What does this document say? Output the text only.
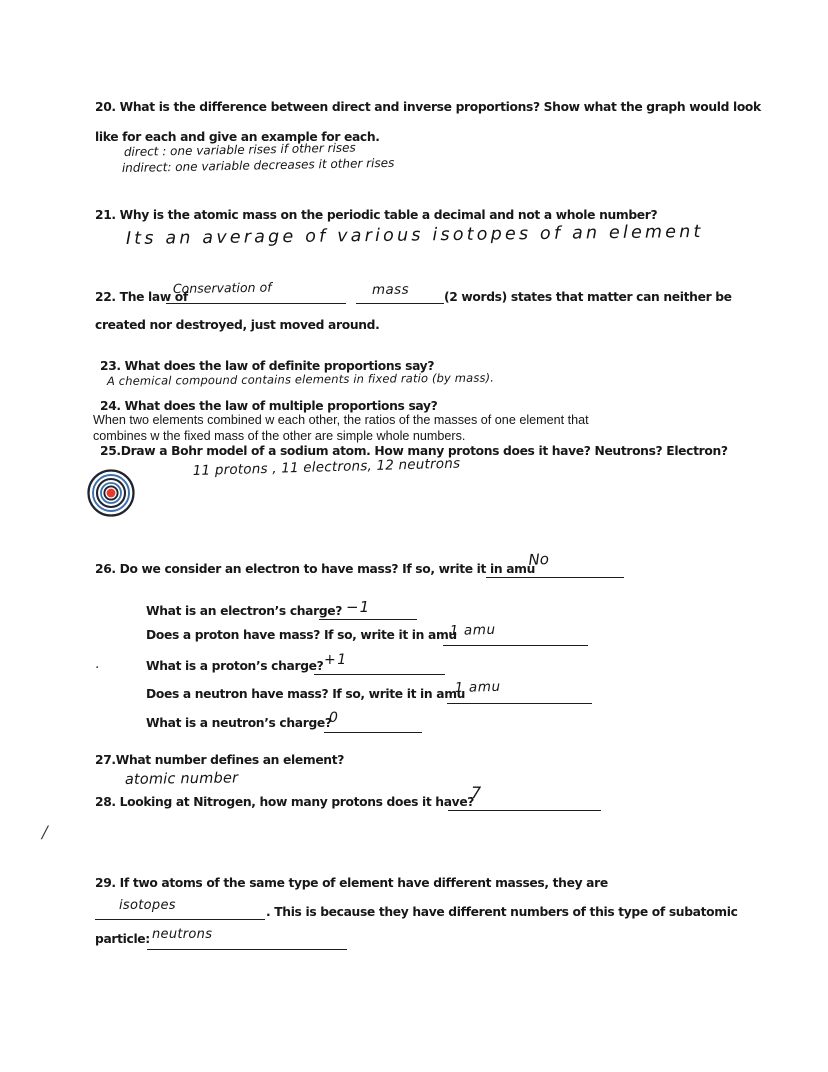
20. What is the difference between direct and inverse proportions? Show what the graph would look
like for each and give an example for each.
direct : one variable rises if other rises
indirect: one variable decreases it other rises
21. Why is the atomic mass on the periodic table a decimal and not a whole number?
Its an average of various isotopes of an element
22. The law of
Conservation of	mass	(2 words) states that matter can neither be
created nor destroyed, just moved around.
23. What does the law of definite proportions say?
A chemical compound contains elements in fixed ratio (by mass).
24. What does the law of multiple proportions say?
When two elements combined w each other, the ratios of the masses of one element that
combines w the fixed mass of the other are simple whole numbers.
25.Draw a Bohr model of a sodium atom. How many protons does it have? Neutrons? Electron?
11 protons , 11 electrons, 12 neutrons
26. Do we consider an electron to have mass? If so, write it in amu
No
What is an electron’s charge? −1
Does a proton have mass? If so, write it in amu
1 amu
What is a proton’s charge? +1
Does a neutron have mass? If so, write it in amu
1 amu
What is a neutron’s charge?
0
27.What number defines an element?
atomic number
28. Looking at Nitrogen, how many protons does it have?
7
29. If two atoms of the same type of element have different masses, they are
isotopes	. This is because they have different numbers of this type of subatomic
particle: neutrons
.
/
